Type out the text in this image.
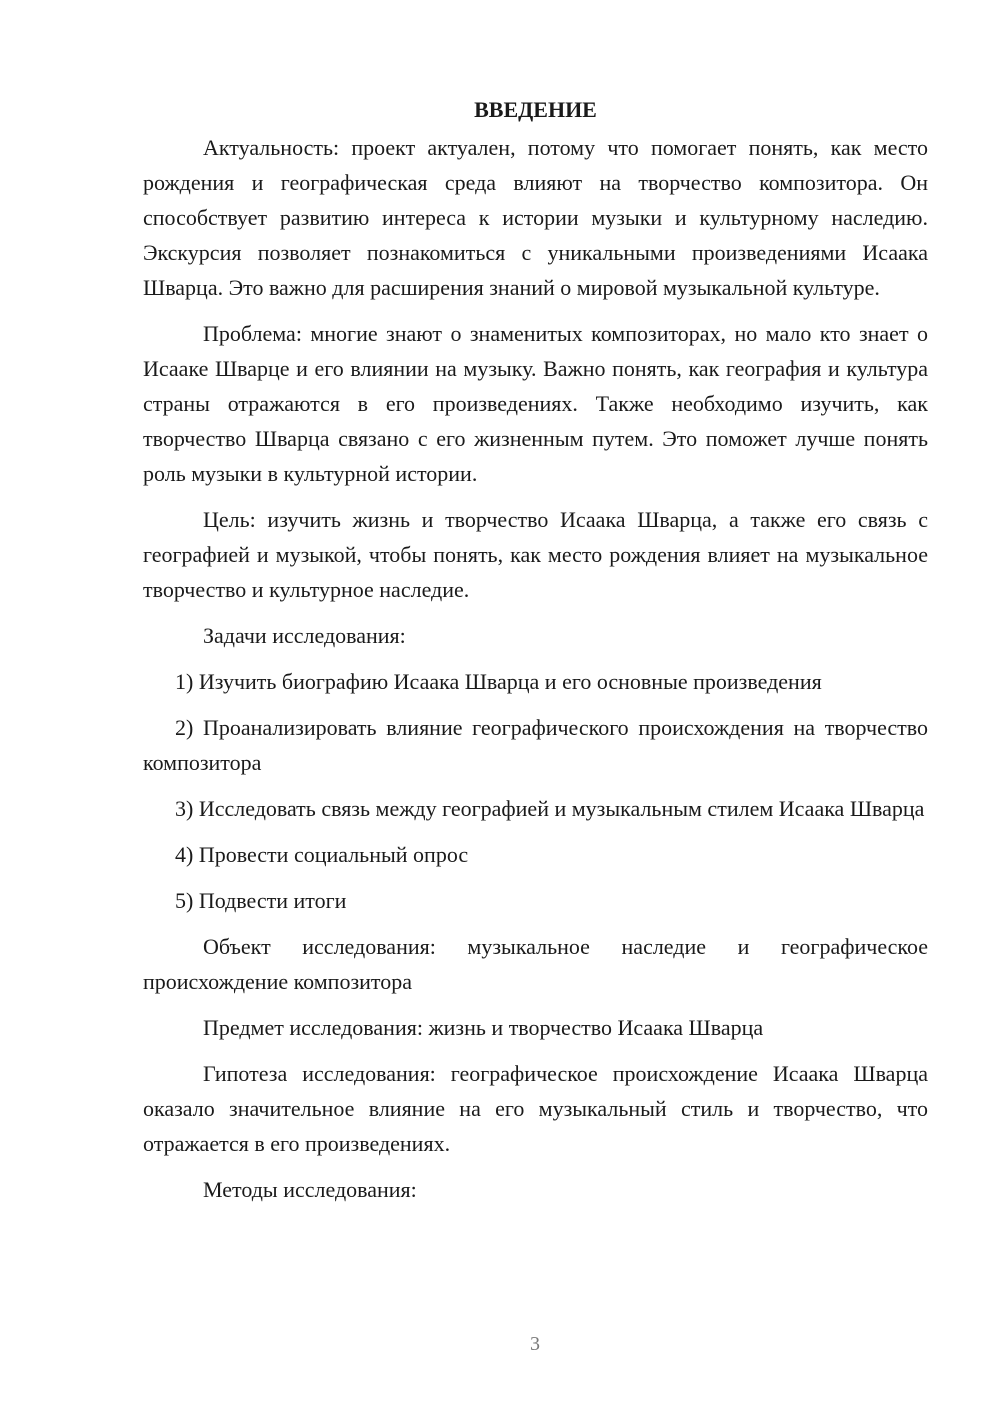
ВВЕДЕНИЕ

Актуальность: проект актуален, потому что помогает понять, как место рождения и географическая среда влияют на творчество композитора. Он способствует развитию интереса к истории музыки и культурному наследию. Экскурсия позволяет познакомиться с уникальными произведениями Исаака Шварца. Это важно для расширения знаний о мировой музыкальной культуре.

Проблема: многие знают о знаменитых композиторах, но мало кто знает о Исааке Шварце и его влиянии на музыку. Важно понять, как география и культура страны отражаются в его произведениях. Также необходимо изучить, как творчество Шварца связано с его жизненным путем. Это поможет лучше понять роль музыки в культурной истории.

Цель: изучить жизнь и творчество Исаака Шварца, а также его связь с географией и музыкой, чтобы понять, как место рождения влияет на музыкальное творчество и культурное наследие.

Задачи исследования:

1) Изучить биографию Исаака Шварца и его основные произведения

2) Проанализировать влияние географического происхождения на творчество композитора

3) Исследовать связь между географией и музыкальным стилем Исаака Шварца

4) Провести социальный опрос

5) Подвести итоги

Объект исследования: музыкальное наследие и географическое происхождение композитора

Предмет исследования: жизнь и творчество Исаака Шварца

Гипотеза исследования: географическое происхождение Исаака Шварца оказало значительное влияние на его музыкальный стиль и творчество, что отражается в его произведениях.

Методы исследования:

3
